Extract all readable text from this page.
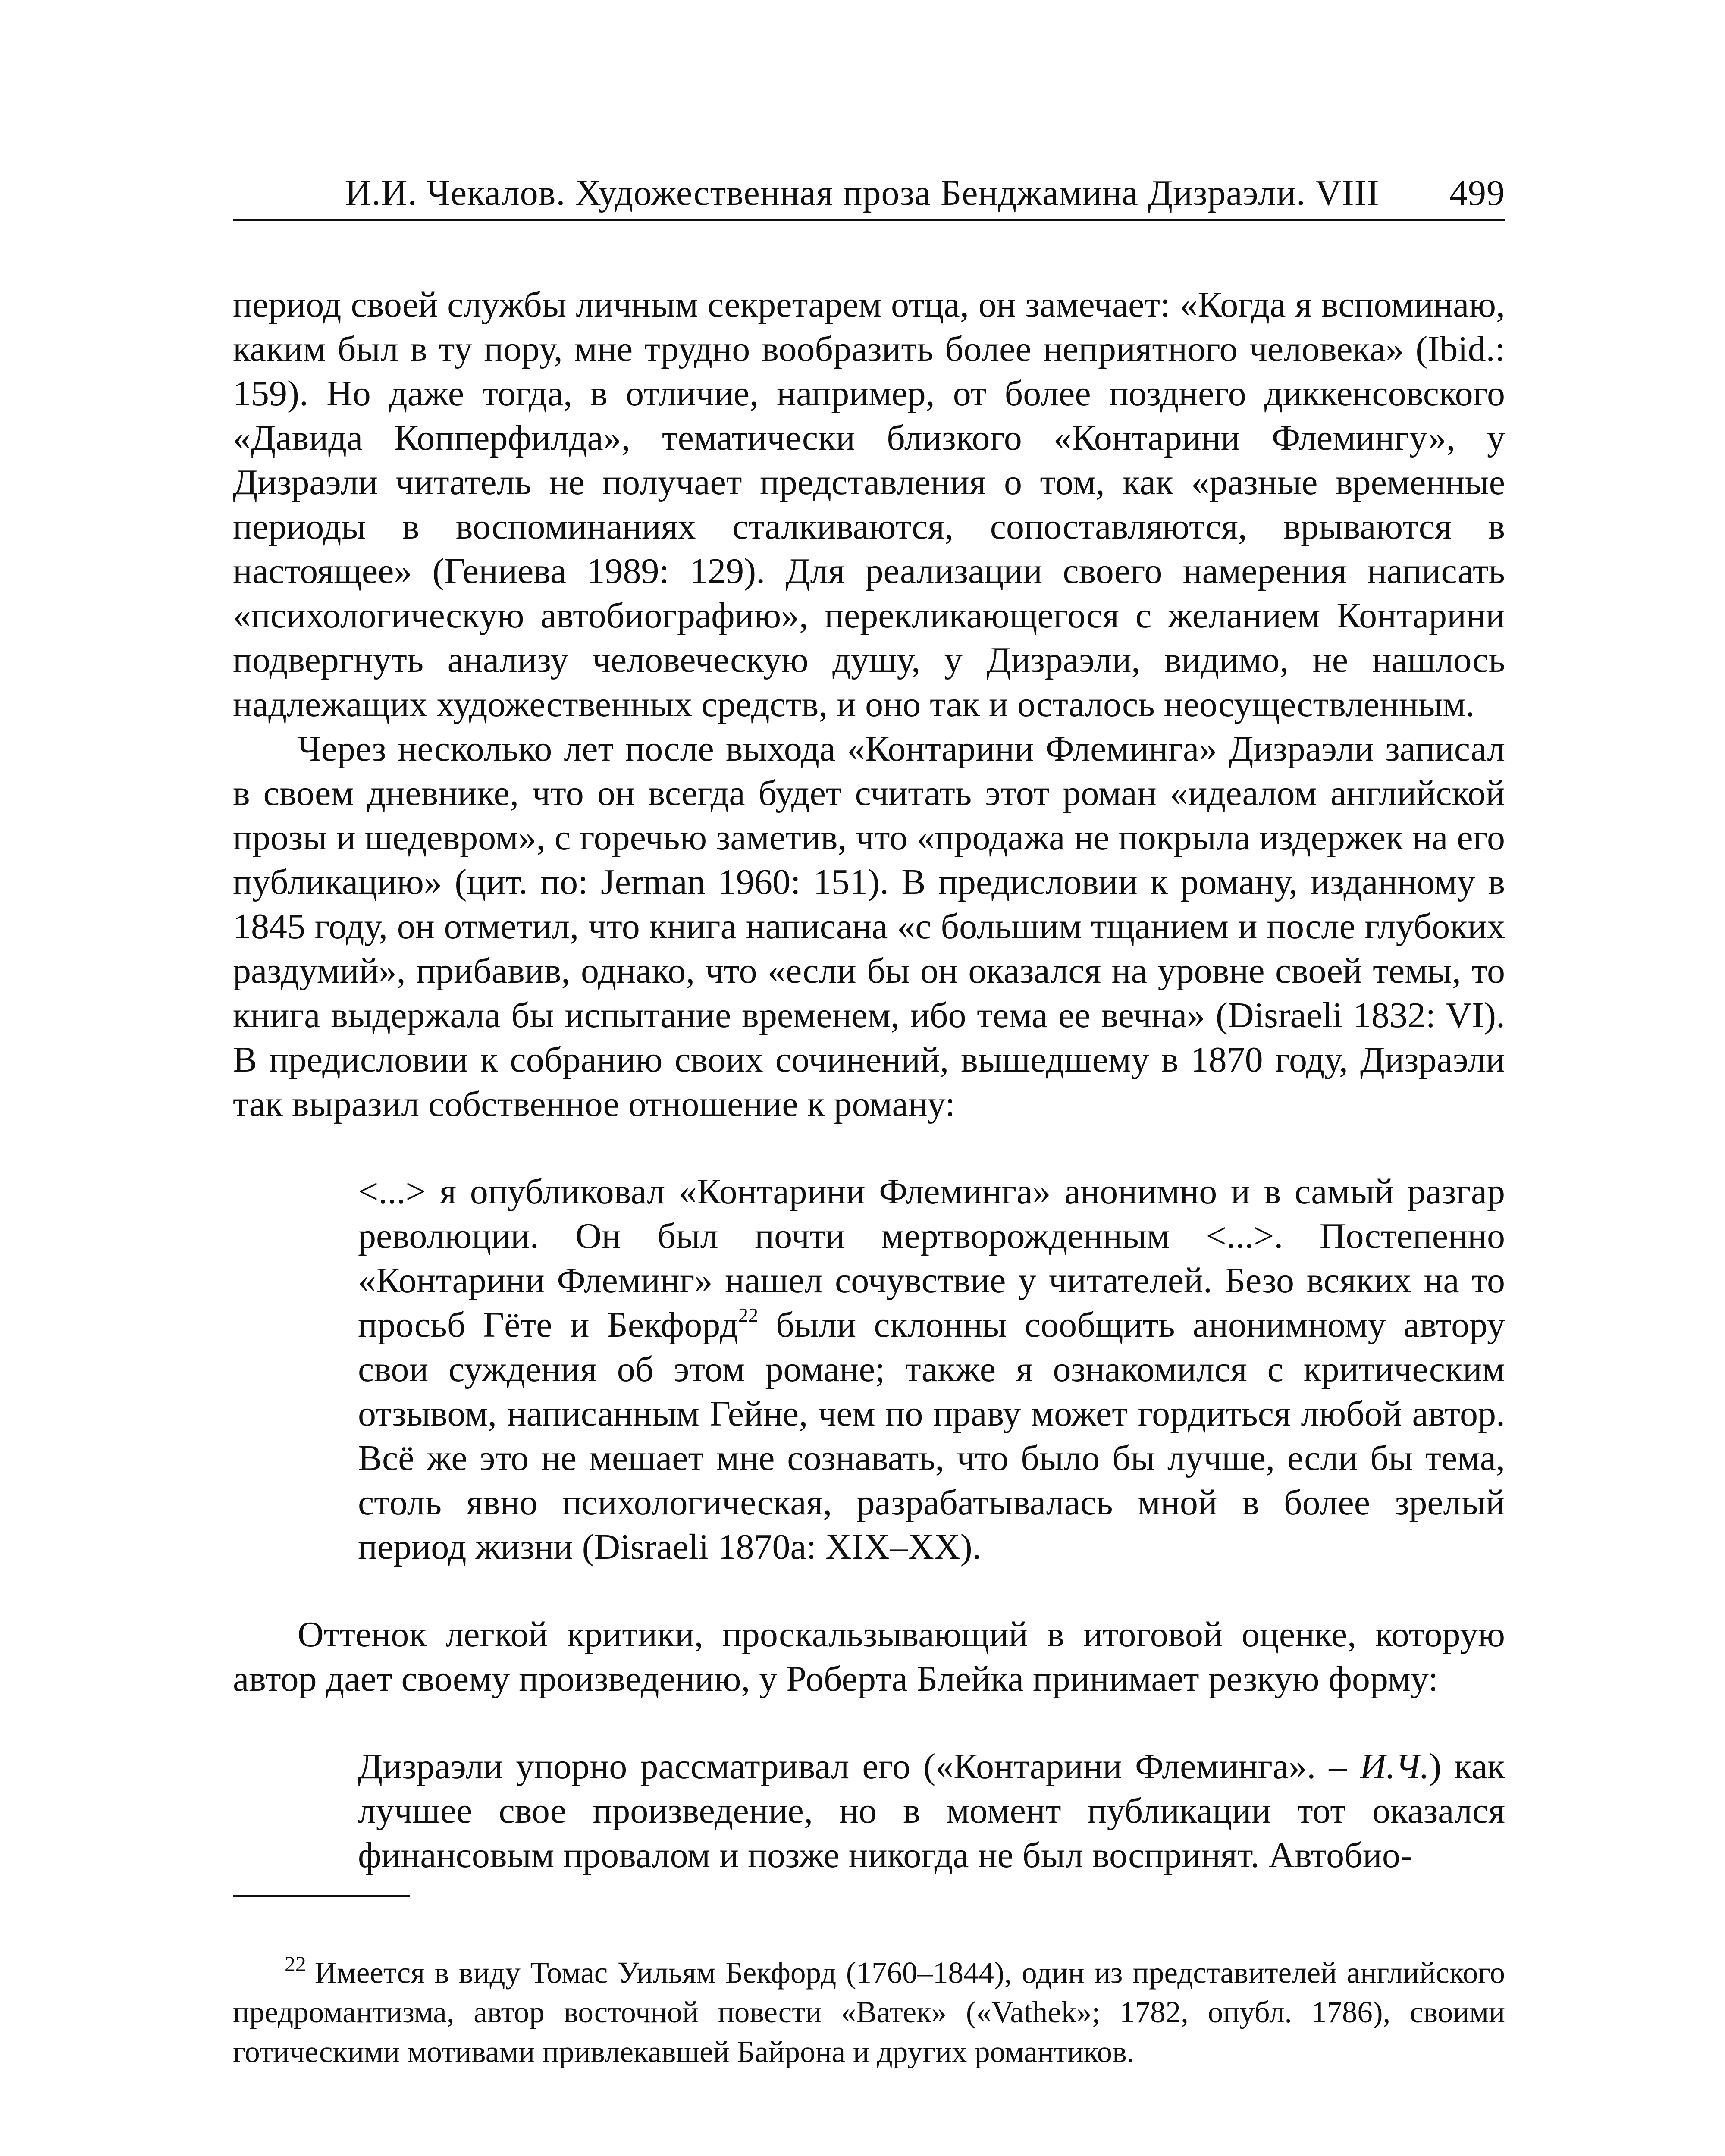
И.И. Чекалов. Художественная проза Бенджамина Дизраэли. VIII 499

период своей службы личным секретарем отца, он замечает: «Когда я вспоминаю, каким был в ту пору, мне трудно вообразить более неприятного человека» (Ibid.: 159). Но даже тогда, в отличие, например, от более позднего диккенсовского «Давида Копперфилда», тематически близкого «Контарини Флемингу», у Дизраэли читатель не получает представления о том, как «разные временные периоды в воспоминаниях сталкиваются, сопоставляются, врываются в настоящее» (Гениева 1989: 129). Для реализации своего намерения написать «психологическую автобиографию», перекликающегося с желанием Контарини подвергнуть анализу человеческую душу, у Дизраэли, видимо, не нашлось надлежащих художественных средств, и оно так и осталось неосуществленным.

Через несколько лет после выхода «Контарини Флеминга» Дизраэли записал в своем дневнике, что он всегда будет считать этот роман «идеалом английской прозы и шедевром», с горечью заметив, что «продажа не покрыла издержек на его публикацию» (цит. по: Jerman 1960: 151). В предисловии к роману, изданному в 1845 году, он отметил, что книга написана «с большим тщанием и после глубоких раздумий», прибавив, однако, что «если бы он оказался на уровне своей темы, то книга выдержала бы испытание временем, ибо тема ее вечна» (Disraeli 1832: VI). В предисловии к собранию своих сочинений, вышедшему в 1870 году, Дизраэли так выразил собственное отношение к роману:

<...> я опубликовал «Контарини Флеминга» анонимно и в самый разгар революции. Он был почти мертворожденным <...>. Постепенно «Контарини Флеминг» нашел сочувствие у читателей. Безо всяких на то просьб Гёте и Бекфорд$^{22}$ были склонны сообщить анонимному автору свои суждения об этом романе; также я ознакомился с критическим отзывом, написанным Гейне, чем по праву может гордиться любой автор. Всё же это не мешает мне сознавать, что было бы лучше, если бы тема, столь явно психологическая, разрабатывалась мной в более зрелый период жизни (Disraeli 1870a: XIX–XX).

Оттенок легкой критики, проскальзывающий в итоговой оценке, которую автор дает своему произведению, у Роберта Блейка принимает резкую форму:

Дизраэли упорно рассматривал его («Контарини Флеминга». – И.Ч.) как лучшее свое произведение, но в момент публикации тот оказался финансовым провалом и позже никогда не был воспринят. Автобио-

$^{22}$ Имеется в виду Томас Уильям Бекфорд (1760–1844), один из представителей английского предромантизма, автор восточной повести «Ватек» («Vathek»; 1782, опубл. 1786), своими готическими мотивами привлекавшей Байрона и других романтиков.
